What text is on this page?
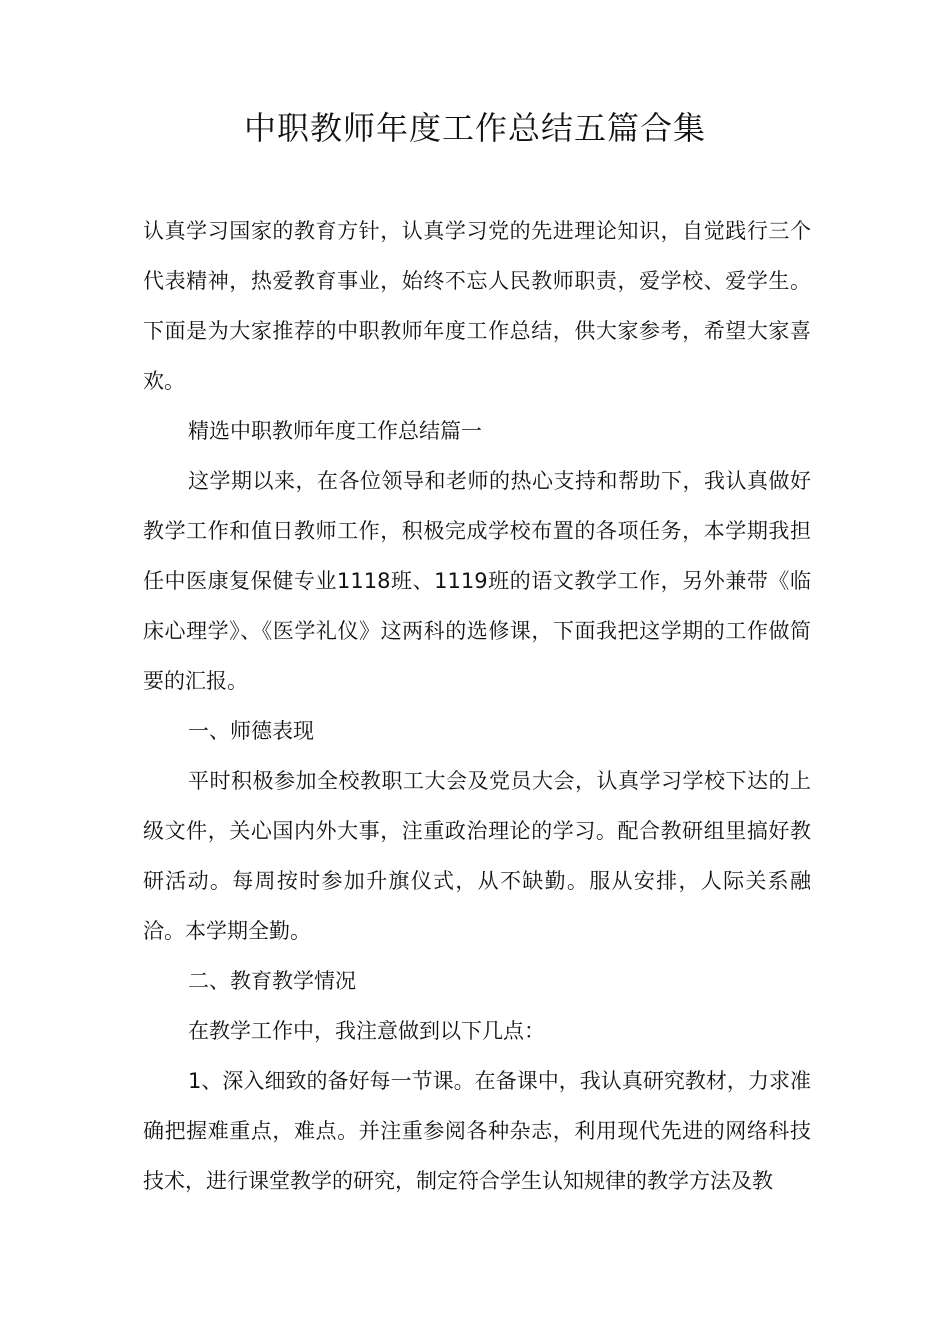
中职教师年度工作总结五篇合集

认真学习国家的教育方针，认真学习党的先进理论知识，自觉践行三个代表精神，热爱教育事业，始终不忘人民教师职责，爱学校、爱学生。下面是为大家推荐的中职教师年度工作总结，供大家参考，希望大家喜欢。

精选中职教师年度工作总结篇一

这学期以来，在各位领导和老师的热心支持和帮助下，我认真做好教学工作和值日教师工作，积极完成学校布置的各项任务，本学期我担任中医康复保健专业1118班、1119班的语文教学工作，另外兼带《临床心理学》、《医学礼仪》这两科的选修课，下面我把这学期的工作做简要的汇报。

一、师德表现

平时积极参加全校教职工大会及党员大会，认真学习学校下达的上级文件，关心国内外大事，注重政治理论的学习。配合教研组里搞好教研活动。每周按时参加升旗仪式，从不缺勤。服从安排，人际关系融洽。本学期全勤。

二、教育教学情况

在教学工作中，我注意做到以下几点：

1、深入细致的备好每一节课。在备课中，我认真研究教材，力求准确把握难重点，难点。并注重参阅各种杂志，利用现代先进的网络科技技术，进行课堂教学的研究，制定符合学生认知规律的教学方法及教
